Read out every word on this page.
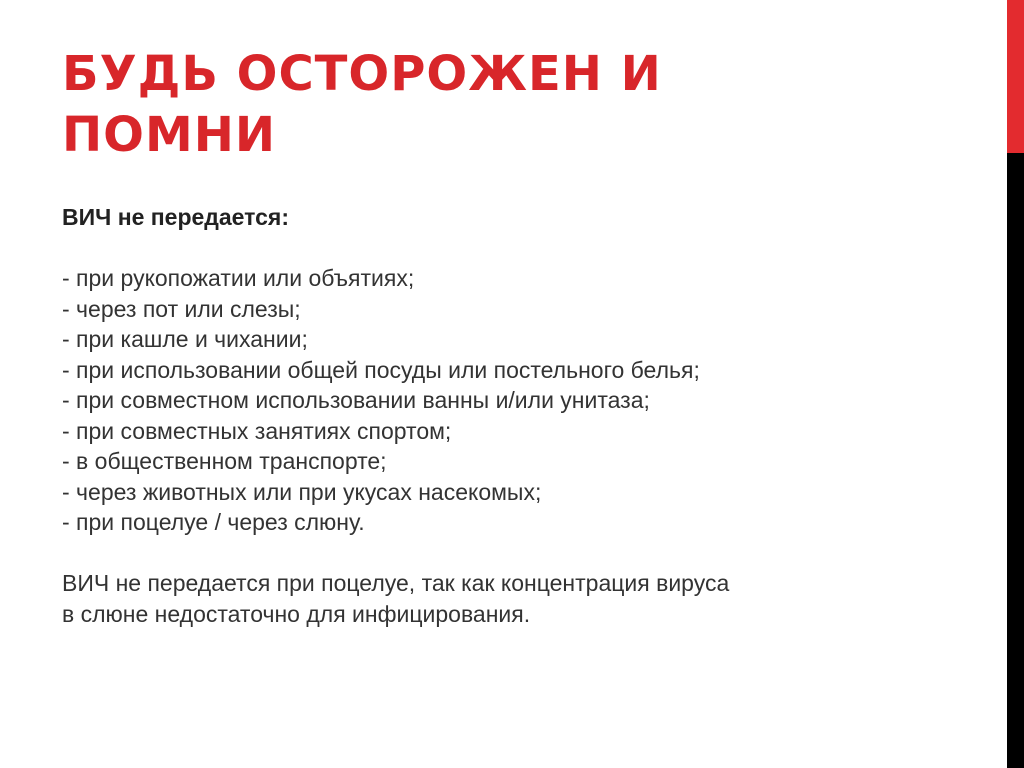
БУДЬ ОСТОРОЖЕН И
ПОМНИ

ВИЧ не передается:

- при рукопожатии или объятиях;
- через пот или слезы;
- при кашле и чихании;
- при использовании общей посуды или постельного белья;
- при совместном использовании ванны и/или унитаза;
- при совместных занятиях спортом;
- в общественном транспорте;
- через животных или при укусах насекомых;
- при поцелуе / через слюну.

ВИЧ не передается при поцелуе, так как концентрация вируса
в слюне недостаточно для инфицирования.
